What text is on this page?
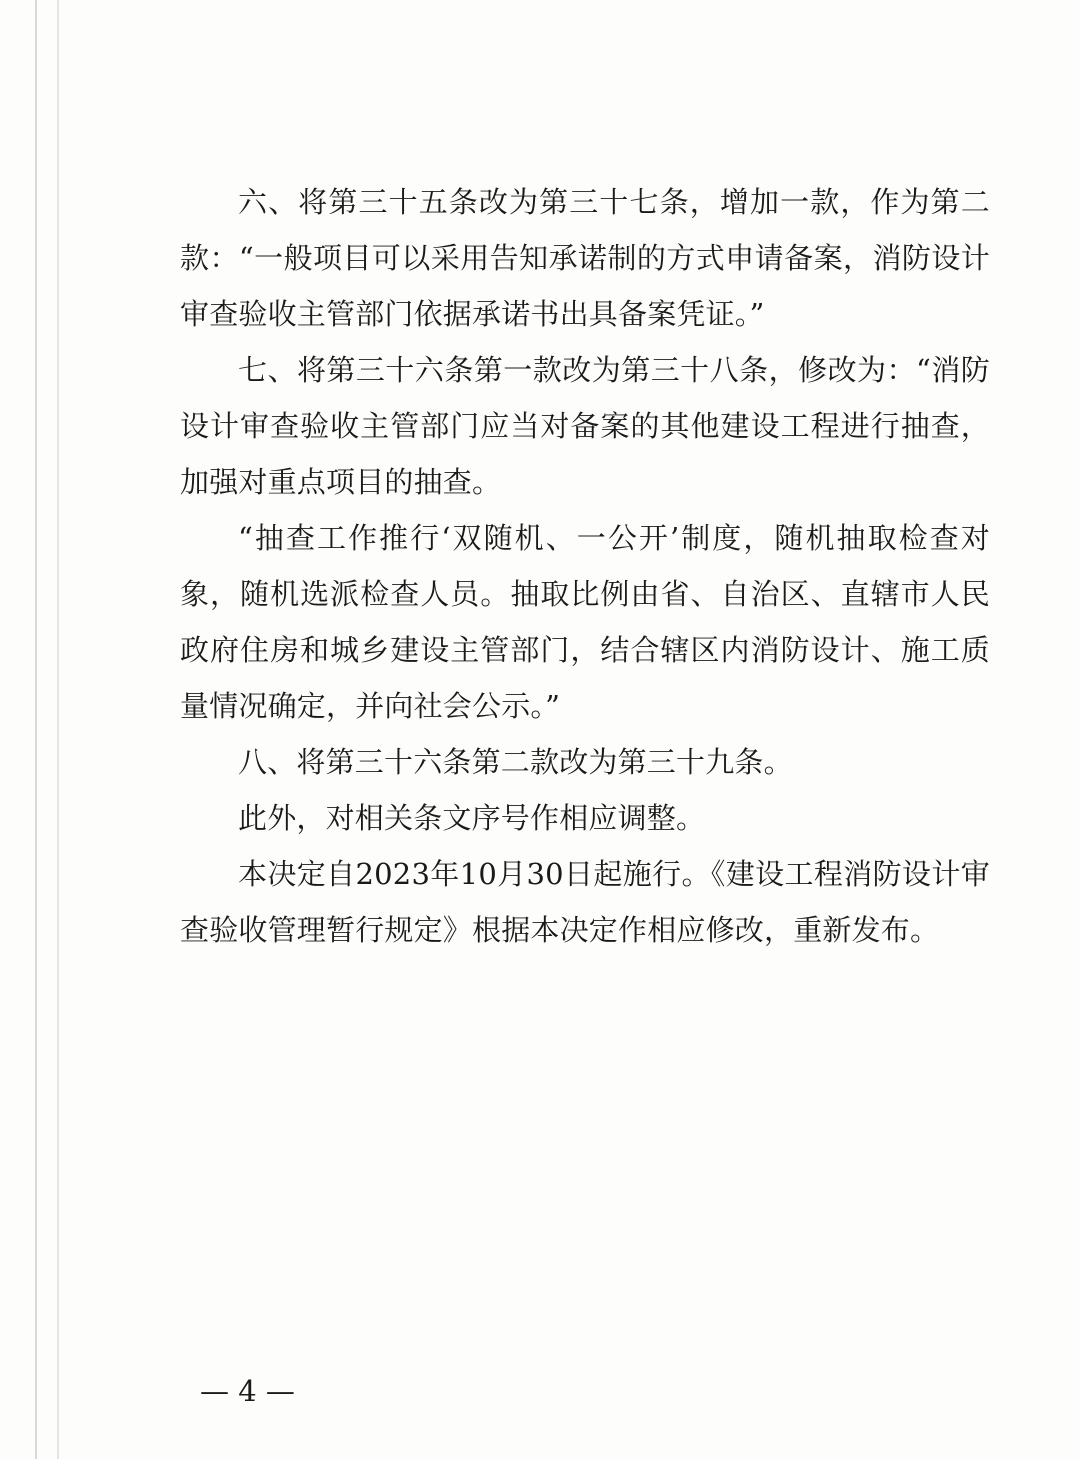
六、将第三十五条改为第三十七条，增加一款，作为第二款：“一般项目可以采用告知承诺制的方式申请备案，消防设计审查验收主管部门依据承诺书出具备案凭证。”

七、将第三十六条第一款改为第三十八条，修改为：“消防设计审查验收主管部门应当对备案的其他建设工程进行抽查，加强对重点项目的抽查。

“抽查工作推行‘双随机、一公开’制度，随机抽取检查对象，随机选派检查人员。抽取比例由省、自治区、直辖市人民政府住房和城乡建设主管部门，结合辖区内消防设计、施工质量情况确定，并向社会公示。”

八、将第三十六条第二款改为第三十九条。

此外，对相关条文序号作相应调整。

本决定自2023年10月30日起施行。《建设工程消防设计审查验收管理暂行规定》根据本决定作相应修改，重新发布。

— 4 —
